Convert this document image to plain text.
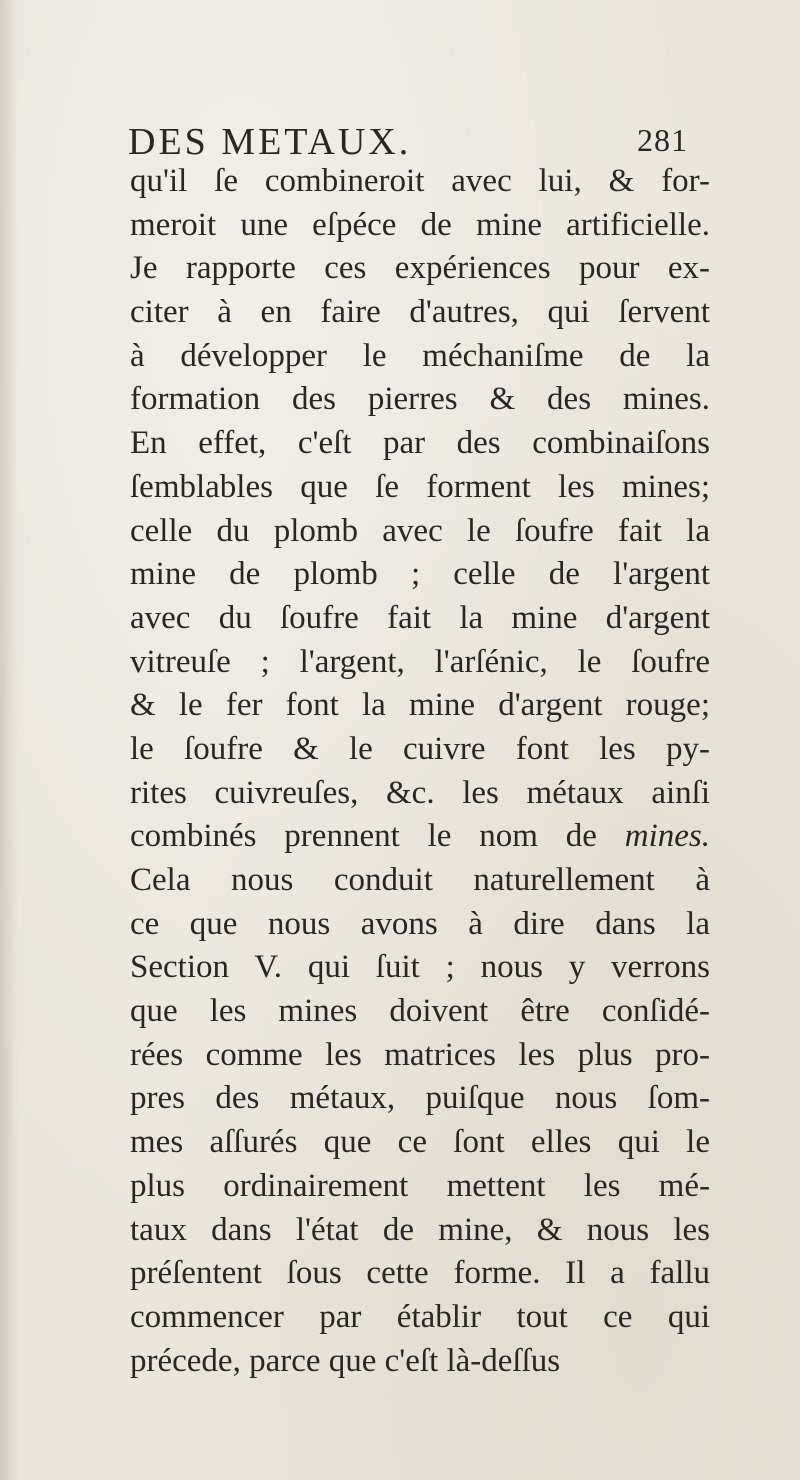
DES METAUX.	281
qu'il ſe combineroit avec lui, & for-
meroit une eſpéce de mine artificielle.
Je rapporte ces expériences pour ex-
citer à en faire d'autres, qui ſervent
à développer le méchaniſme de la
formation des pierres & des mines.
En effet, c'eſt par des combinaiſons
ſemblables que ſe forment les mines;
celle du plomb avec le ſoufre fait la
mine de plomb ; celle de l'argent
avec du ſoufre fait la mine d'argent
vitreuſe ; l'argent, l'arſénic, le ſoufre
& le fer font la mine d'argent rouge;
le ſoufre & le cuivre font les py-
rites cuivreuſes, &c. les métaux ainſi
combinés prennent le nom de mines.
Cela nous conduit naturellement à
ce que nous avons à dire dans la
Section V. qui ſuit ; nous y verrons
que les mines doivent être conſidé-
rées comme les matrices les plus pro-
pres des métaux, puiſque nous ſom-
mes aſſurés que ce ſont elles qui le
plus ordinairement mettent les mé-
taux dans l'état de mine, & nous les
préſentent ſous cette forme. Il a fallu
commencer par établir tout ce qui
précede, parce que c'eſt là-deſſus
